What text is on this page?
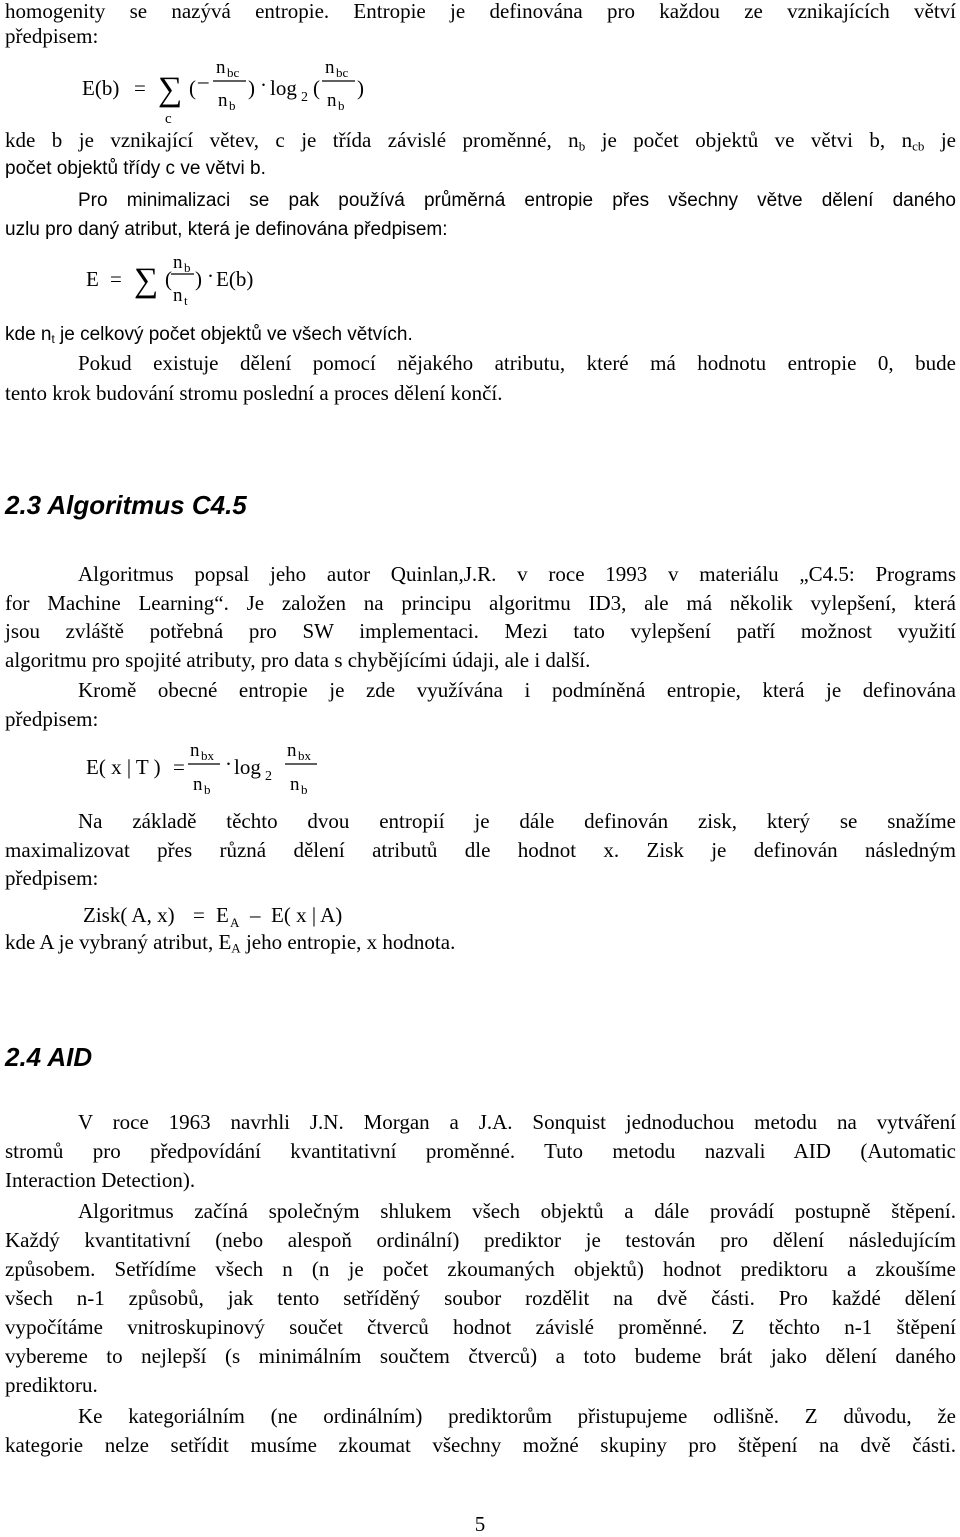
homogenity se nazývá entropie. Entropie je definována pro každou ze vznikajících větví
předpisem:
E(b) = ∑
c
( –
n bc
n b
) · log 2 (
n bc
n b
)
kde b je vznikající větev, c je třída závislé proměnné, $n_b$ je počet objektů ve větvi b, $n_{cb}$ je
počet objektů třídy c ve větvi b.
Pro minimalizaci se pak používá průměrná entropie přes všechny větve dělení daného
uzlu pro daný atribut, která je definována předpisem:
E = ∑ (
n b
n t
) · E(b)
kde $n_t$ je celkový počet objektů ve všech větvích.
Pokud existuje dělení pomocí nějakého atributu, které má hodnotu entropie 0, bude
tento krok budování stromu poslední a proces dělení končí.
2.3 Algoritmus C4.5
Algoritmus popsal jeho autor Quinlan,J.R. v roce 1993 v materiálu „C4.5: Programs
for Machine Learning“. Je založen na principu algoritmu ID3, ale má několik vylepšení, která
jsou zvláště potřebná pro SW implementaci. Mezi tato vylepšení patří možnost využití
algoritmu pro spojité atributy, pro data s chybějícími údaji, ale i další.
Kromě obecné entropie je zde využívána i podmíněná entropie, která je definována
předpisem:
E( x | T ) =
n bx
n b
· log 2
n bx
n b
Na základě těchto dvou entropií je dále definován zisk, který se snažíme
maximalizovat přes různá dělení atributů dle hodnot x. Zisk je definován následným
předpisem:
Zisk( A, x) = E A – E( x | A)
kde A je vybraný atribut, $E_A$ jeho entropie, x hodnota.
2.4 AID
V roce 1963 navrhli J.N. Morgan a J.A. Sonquist jednoduchou metodu na vytváření
stromů pro předpovídání kvantitativní proměnné. Tuto metodu nazvali AID (Automatic
Interaction Detection).
Algoritmus začíná společným shlukem všech objektů a dále provádí postupně štěpení.
Každý kvantitativní (nebo alespoň ordinální) prediktor je testován pro dělení následujícím
způsobem. Setřídíme všech n (n je počet zkoumaných objektů) hodnot prediktoru a zkoušíme
všech n-1 způsobů, jak tento setříděný soubor rozdělit na dvě části. Pro každé dělení
vypočítáme vnitroskupinový součet čtverců hodnot závislé proměnné. Z těchto n-1 štěpení
vybereme to nejlepší (s minimálním součtem čtverců) a toto budeme brát jako dělení daného
prediktoru.
Ke kategoriálním (ne ordinálním) prediktorům přistupujeme odlišně. Z důvodu, že
kategorie nelze setřídit musíme zkoumat všechny možné skupiny pro štěpení na dvě části.
5
